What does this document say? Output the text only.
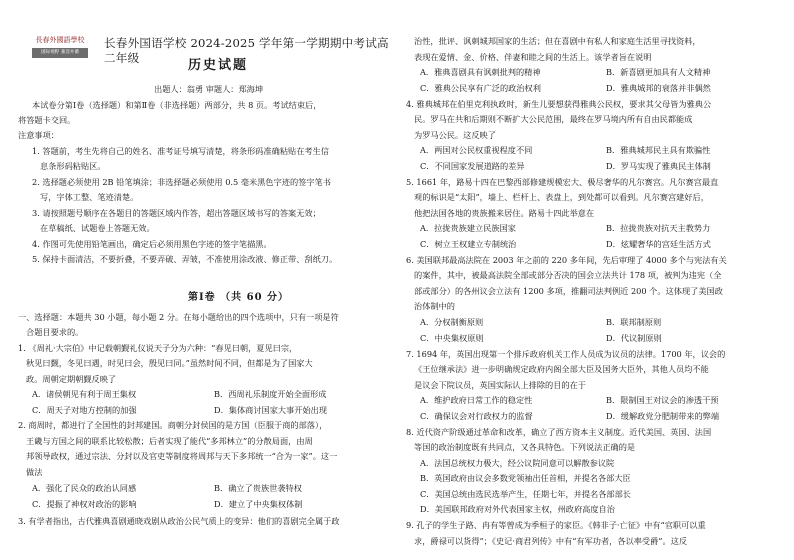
長春外國語學校
国际视野 兼容并蓄
长春外国语学校 2024-2025 学年第一学期期中考试高二年级	历史试题
出题人：翁勇 审题人：郑海坤
本试卷分第Ⅰ卷（选择题）和第Ⅱ卷（非选择题）两部分，共 8 页。考试结束后，
将答题卡交回。
注意事项：
1. 答题前，考生先将自己的姓名、准考证号填写清楚，将条形码准确粘贴在考生信
息条形码粘贴区。
2. 选择题必须使用 2B 铅笔填涂；非选择题必须使用 0.5 毫米黑色字迹的签字笔书
写，字体工整、笔迹清楚。
3. 请按照题号顺序在各题目的答题区域内作答，超出答题区域书写的答案无效；
在草稿纸、试题卷上答题无效。
4. 作图可先使用铅笔画出，确定后必须用黑色字迹的签字笔描黑。
5. 保持卡面清洁，不要折叠，不要弄破、弄皱，不准使用涂改液、修正带、刮纸刀。
第Ⅰ卷 （共 60 分）
一、选择题：本题共 30 小题，每小题 2 分。在每小题给出的四个选项中，只有一项是符
合题目要求的。
1. 《周礼·大宗伯》中记载朝觐礼仪说天子分为六种：“春见曰朝，夏见曰宗，
秋见曰觐，冬见曰遇，时见曰会，殷见曰同。”虽然时间不同，但都是为了国家大
政。周朝定期朝觐反映了
A．诸侯朝见有利于周王集权	B．西周礼乐制度开始全面形成
C．周天子对地方控制的加强	D．集体商讨国家大事开始出现
2. 商周时，都进行了全国性的封邦建国。商朝分封侯国的是方国（臣服于商的部落），
王畿与方国之间的联系比较松散；后者实现了能代“多邦林立”的分散局面，由周
邦领导政权，通过宗法、分封以及官吏等制度将周邦与天下多邦统一“合为一家”。这一
做法
A．强化了民众的政治认同感	B．确立了贵族世袭特权
C．提振了神权对政治的影响	D．建立了中央集权体制
3. 有学者指出，古代雅典喜剧通晓戏剧从政治公民气质上的变异：他们的喜剧完全属于政
治性，批评、讽刺城邦国家的生活；但在喜剧中有私人和家庭生活里寻找资料，
表现在爱情、金、价格、伴妻和睦之间的生活上。该学者旨在说明
A．雅典喜剧具有讽刺批判的精神	B．新喜剧更加具有人文精神
C．雅典公民享有广泛的政治权利	D．雅典城邦的衰落并非偶然
4. 雅典城邦在伯里克利执政时，新生儿要想获得雅典公民权，要求其父母皆为雅典公
民。罗马在共和后期则不断扩大公民范围，最终在罗马境内所有自由民都能成
为罗马公民。这反映了
A．两国对公民权重视程度不同	B．雅典城邦民主具有欺骗性
C．不同国家发展道路的差异	D．罗马实现了雅典民主体制
5. 1661 年，路易十四在巴黎西部修建规模宏大、极尽奢华的凡尔赛宫。凡尔赛宫最直
观的标识是“太阳”，墙上、栏杆上、表盘上，到处都可以看到。凡尔赛宫建好后，
他把法国各地的贵族搬来居住。路易十四此举意在
A．拉拢贵族建立民族国家	B．拉拢贵族对抗天主教势力
C．树立王权建立专制统治	D．炫耀奢华的宫廷生活方式
6. 美国联邦最高法院在 2003 年之前的 220 多年间，先后审理了 4000 多个与宪法有关
的案件，其中，被最高法院全部或部分否决的国会立法共计 178 项，被判为违宪（全
部或部分）的各州议会立法有 1200 多项，推翻司法判例近 200 个。这体现了美国政
治体制中的
A．分权制衡原则	B．联邦制原则
C．中央集权原则	D．代议制原则
7. 1694 年，英国出现第一个排斥政府机关工作人员成为议员的法律。1700 年，议会的
《王位继承法》进一步明确规定政府内阁全部大臣及国务大臣外，其他人员均不能
是议会下院议员，英国实际认上排除的目的在于
A．维护政府日常工作的稳定性	B．限制国王对议会的渗透干预
C．确保议会对行政权力的监督	D．缓解政党分肥制带来的弊端
8. 近代资产阶级通过革命和改革，确立了西方资本主义制度。近代美国、英国、法国
等国的政治制度既有共同点，又各具特色。下列说法正确的是
A．法国总统权力极大，经公议院同意可以解散参议院
B．英国政府由议会多数党领袖出任首相，并提名各部大臣
C．美国总统由选民选举产生，任期七年，并提名各部部长
D．美国联邦政府对外代表国家主权，州政府高度自治
9. 孔子的学生子路、冉有等曾成为季桓子的家臣。《韩非子·亡征》中有“官职可以重
求，爵禄可以货得”；《史记·商君列传》中有“有军功者，各以率受爵”。这反
